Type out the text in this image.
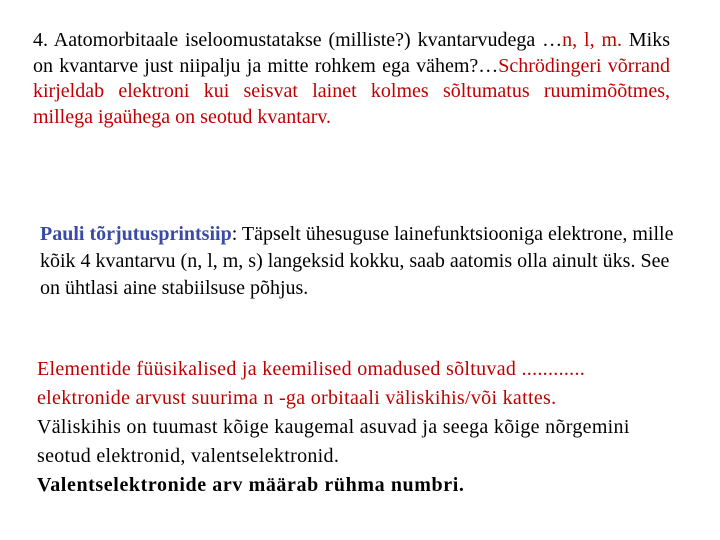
4. Aatomorbitaale iseloomustatakse (milliste?) kvantarvudega …n, l, m. Miks on kvantarve just niipalju ja mitte rohkem ega vähem?…Schrödingeri võrrand kirjeldab elektroni kui seisvat lainet kolmes sõltumatus ruumimõõtmes, millega igaühega on seotud kvantarv.
Pauli tõrjutusprintsiip: Täpselt ühesuguse lainefunktsiooniga elektrone, mille kõik 4 kvantarvu (n, l, m, s) langeksid kokku, saab aatomis olla ainult üks. See on ühtlasi aine stabiilsuse põhjus.
Elementide füüsikalised ja keemilised omadused sõltuvad ............ elektronide arvust suurima n -ga orbitaali väliskihis/või kattes.
Väliskihis on tuumast kõige kaugemal asuvad ja seega kõige nõrgemini seotud elektronid, valentselektronid.
Valentselektronide arv määrab rühma numbri.
